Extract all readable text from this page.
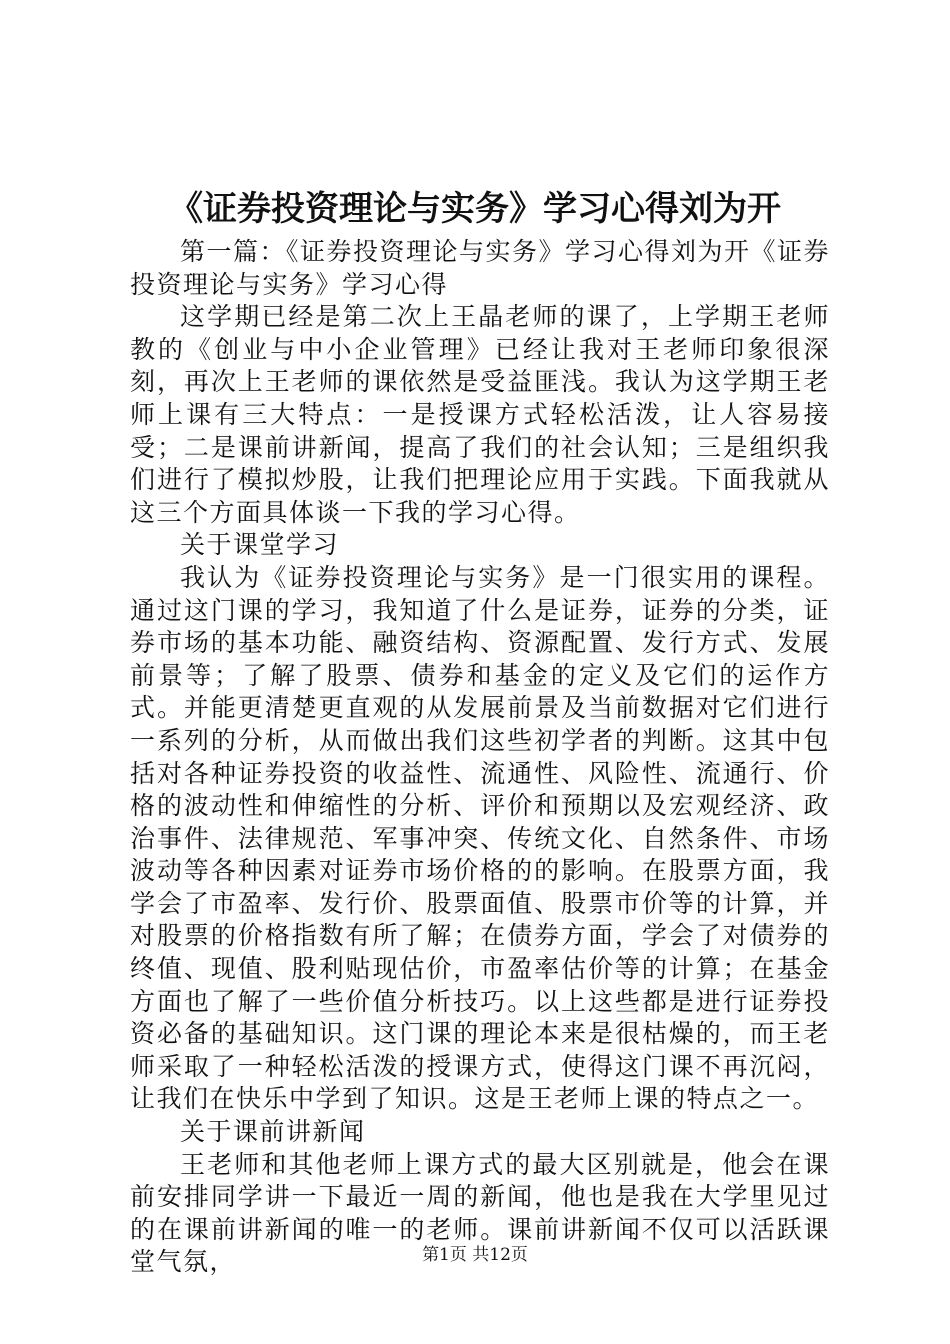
《证券投资理论与实务》学习心得刘为开

第一篇：《证券投资理论与实务》学习心得刘为开《证券投资理论与实务》学习心得

这学期已经是第二次上王晶老师的课了，上学期王老师教的《创业与中小企业管理》已经让我对王老师印象很深刻，再次上王老师的课依然是受益匪浅。我认为这学期王老师上课有三大特点：一是授课方式轻松活泼，让人容易接受；二是课前讲新闻，提高了我们的社会认知；三是组织我们进行了模拟炒股，让我们把理论应用于实践。下面我就从这三个方面具体谈一下我的学习心得。

关于课堂学习

我认为《证券投资理论与实务》是一门很实用的课程。通过这门课的学习，我知道了什么是证券，证券的分类，证券市场的基本功能、融资结构、资源配置、发行方式、发展前景等；了解了股票、债券和基金的定义及它们的运作方式。并能更清楚更直观的从发展前景及当前数据对它们进行一系列的分析，从而做出我们这些初学者的判断。这其中包括对各种证券投资的收益性、流通性、风险性、流通行、价格的波动性和伸缩性的分析、评价和预期以及宏观经济、政治事件、法律规范、军事冲突、传统文化、自然条件、市场波动等各种因素对证券市场价格的的影响。在股票方面，我学会了市盈率、发行价、股票面值、股票市价等的计算，并对股票的价格指数有所了解；在债券方面，学会了对债券的终值、现值、股利贴现估价，市盈率估价等的计算；在基金方面也了解了一些价值分析技巧。以上这些都是进行证券投资必备的基础知识。这门课的理论本来是很枯燥的，而王老师采取了一种轻松活泼的授课方式，使得这门课不再沉闷，让我们在快乐中学到了知识。这是王老师上课的特点之一。

关于课前讲新闻

王老师和其他老师上课方式的最大区别就是，他会在课前安排同学讲一下最近一周的新闻，他也是我在大学里见过的在课前讲新闻的唯一的老师。课前讲新闻不仅可以活跃课堂气氛，	第1页 共12页
